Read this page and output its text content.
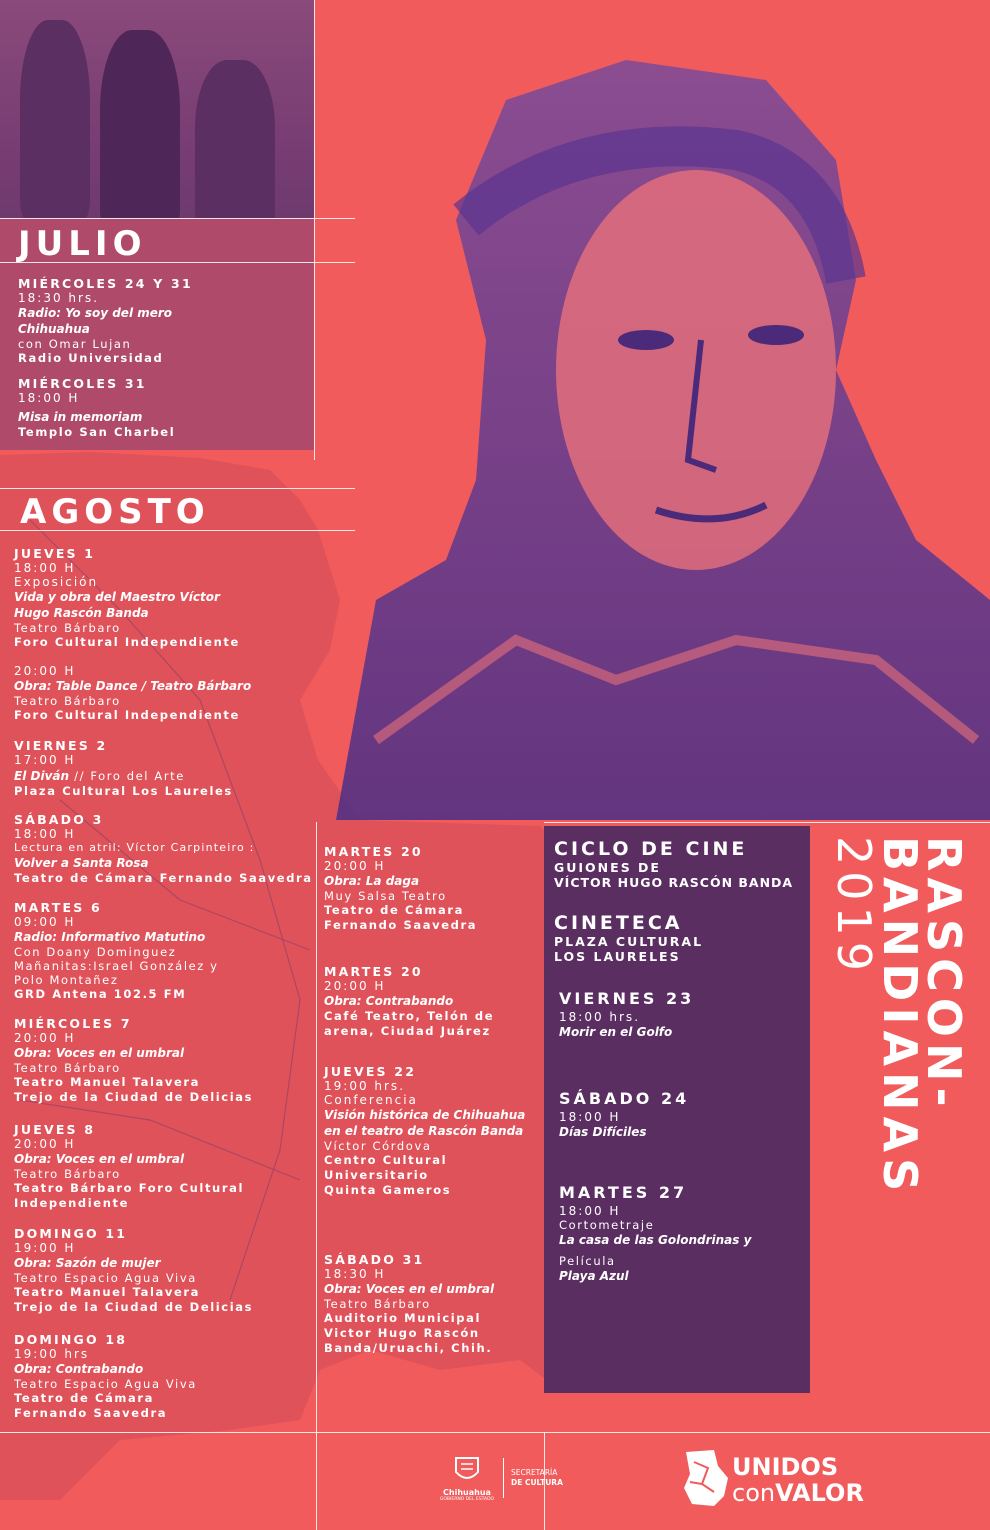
JULIO
MIÉRCOLES 24 Y 31
18:30 hrs.
Radio: Yo soy del mero Chihuahua
con Omar Lujan
Radio Universidad
MIÉRCOLES 31
18:00 H
Misa in memoriam
Templo San Charbel
AGOSTO
JUEVES 1
18:00 H
Exposición
Vida y obra del Maestro Víctor Hugo Rascón Banda
Teatro Bárbaro
Foro Cultural Independiente
20:00 H
Obra: Table Dance / Teatro Bárbaro
Teatro Bárbaro
Foro Cultural Independiente
VIERNES 2
17:00 H
El Diván // Foro del Arte
Plaza Cultural Los Laureles
SÁBADO 3
18:00 H
Lectura en atril: Víctor Carpinteiro :
Volver a Santa Rosa
Teatro de Cámara Fernando Saavedra
MARTES 6
09:00 H
Radio: Informativo Matutino
Con Doany Dominguez
Mañanitas:Israel González y
Polo Montañez
GRD Antena 102.5 FM
MIÉRCOLES 7
20:00 H
Obra: Voces en el umbral
Teatro Bárbaro
Teatro Manuel Talavera
Trejo de la Ciudad de Delicias
JUEVES 8
20:00 H
Obra: Voces en el umbral
Teatro Bárbaro
Teatro Bárbaro Foro Cultural
Independiente
DOMINGO 11
19:00 H
Obra: Sazón de mujer
Teatro Espacio Agua Viva
Teatro Manuel Talavera
Trejo de la Ciudad de Delicias
DOMINGO 18
19:00 hrs
Obra: Contrabando
Teatro Espacio Agua Viva
Teatro de Cámara
Fernando Saavedra
MARTES 20
20:00 H
Obra: La daga
Muy Salsa Teatro
Teatro de Cámara
Fernando Saavedra
MARTES 20
20:00 H
Obra: Contrabando
Café Teatro, Telón de
arena, Ciudad Juárez
JUEVES 22
19:00 hrs.
Conferencia
Visión histórica de Chihuahua en el teatro de Rascón Banda
Víctor Córdova
Centro Cultural
Universitario
Quinta Gameros
SÁBADO 31
18:30 H
Obra: Voces en el umbral
Teatro Bárbaro
Auditorio Municipal
Victor Hugo Rascón
Banda/Uruachi, Chih.
CICLO DE CINE
GUIONES DE
VÍCTOR HUGO RASCÓN BANDA
CINETECA
PLAZA CULTURAL
LOS LAURELES
VIERNES 23
18:00 hrs.
Morir en el Golfo
SÁBADO 24
18:00 H
Días Difíciles
MARTES 27
18:00 H
Cortometraje
La casa de las Golondrinas y
Película
Playa Azul
RASCON-
BANDIANAS
2019
Chihuahua
GOBIERNO DEL ESTADO
SECRETARÍA
DE CULTURA
UNIDOS
conVALOR
